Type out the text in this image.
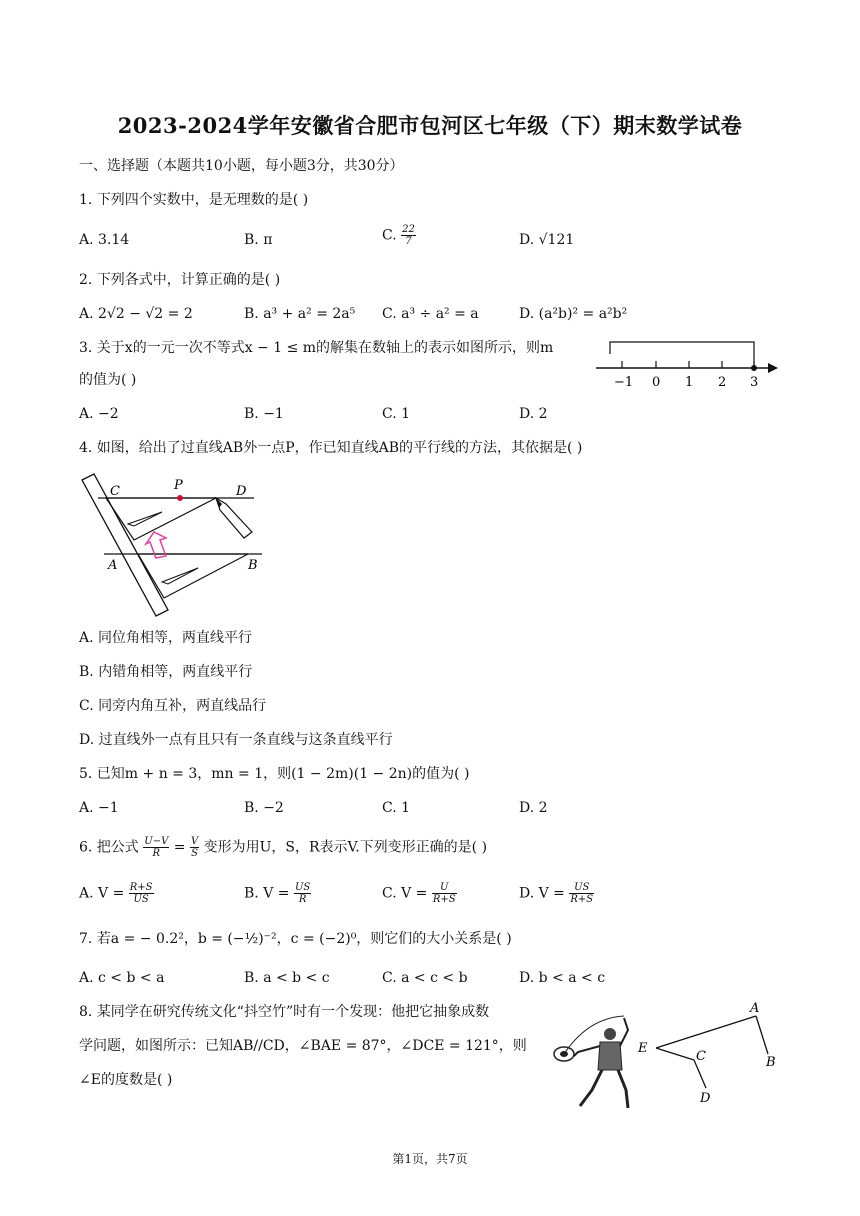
2023-2024学年安徽省合肥市包河区七年级（下）期末数学试卷
一、选择题（本题共10小题，每小题3分，共30分）
1. 下列四个实数中，是无理数的是( )
A. 3.14	B. π	C. $\frac{22}{7}$	D. √121
2. 下列各式中，计算正确的是( )
A. 2√2 − √2 = 2	B. a³ + a² = 2a⁵ C. a³ ÷ a² = a	D. (a²b)² = a²b²
3. 关于x的一元一次不等式x − 1 ≤ m的解集在数轴上的表示如图所示，则m
的值为( )	−1 0 1 2 3
A. −2	B. −1	C. 1	D. 2
4. 如图，给出了过直线AB外一点P，作已知直线AB的平行线的方法，其依据是( )
C	P	D
A	B
A. 同位角相等，两直线平行
B. 内错角相等，两直线平行
C. 同旁内角互补，两直线品行
D. 过直线外一点有且只有一条直线与这条直线平行
5. 已知m + n = 3，mn = 1，则(1 − 2m)(1 − 2n)的值为( )
A. −1	B. −2	C. 1	D. 2
6. 把公式 $\frac{U-V}{R} = \frac{V}{S}$ 变形为用U，S，R表示V.下列变形正确的是( )
A. $V = \frac{R+S}{US}$	B. $V = \frac{US}{R}$	C. $V = \frac{U}{R+S}$	D. $V = \frac{US}{R+S}$
7. 若a = − 0.2²，b = (−½)⁻²，c = (−2)⁰，则它们的大小关系是( )
A. c < b < a	B. a < b < c	C. a < c < b	D. b < a < c
8. 某同学在研究传统文化“抖空竹”时有一个发现：他把它抽象成数
学问题，如图所示：已知AB//CD，∠BAE = 87°，∠DCE = 121°，则
∠E的度数是( )
A
B
C
D
E
第1页，共7页
